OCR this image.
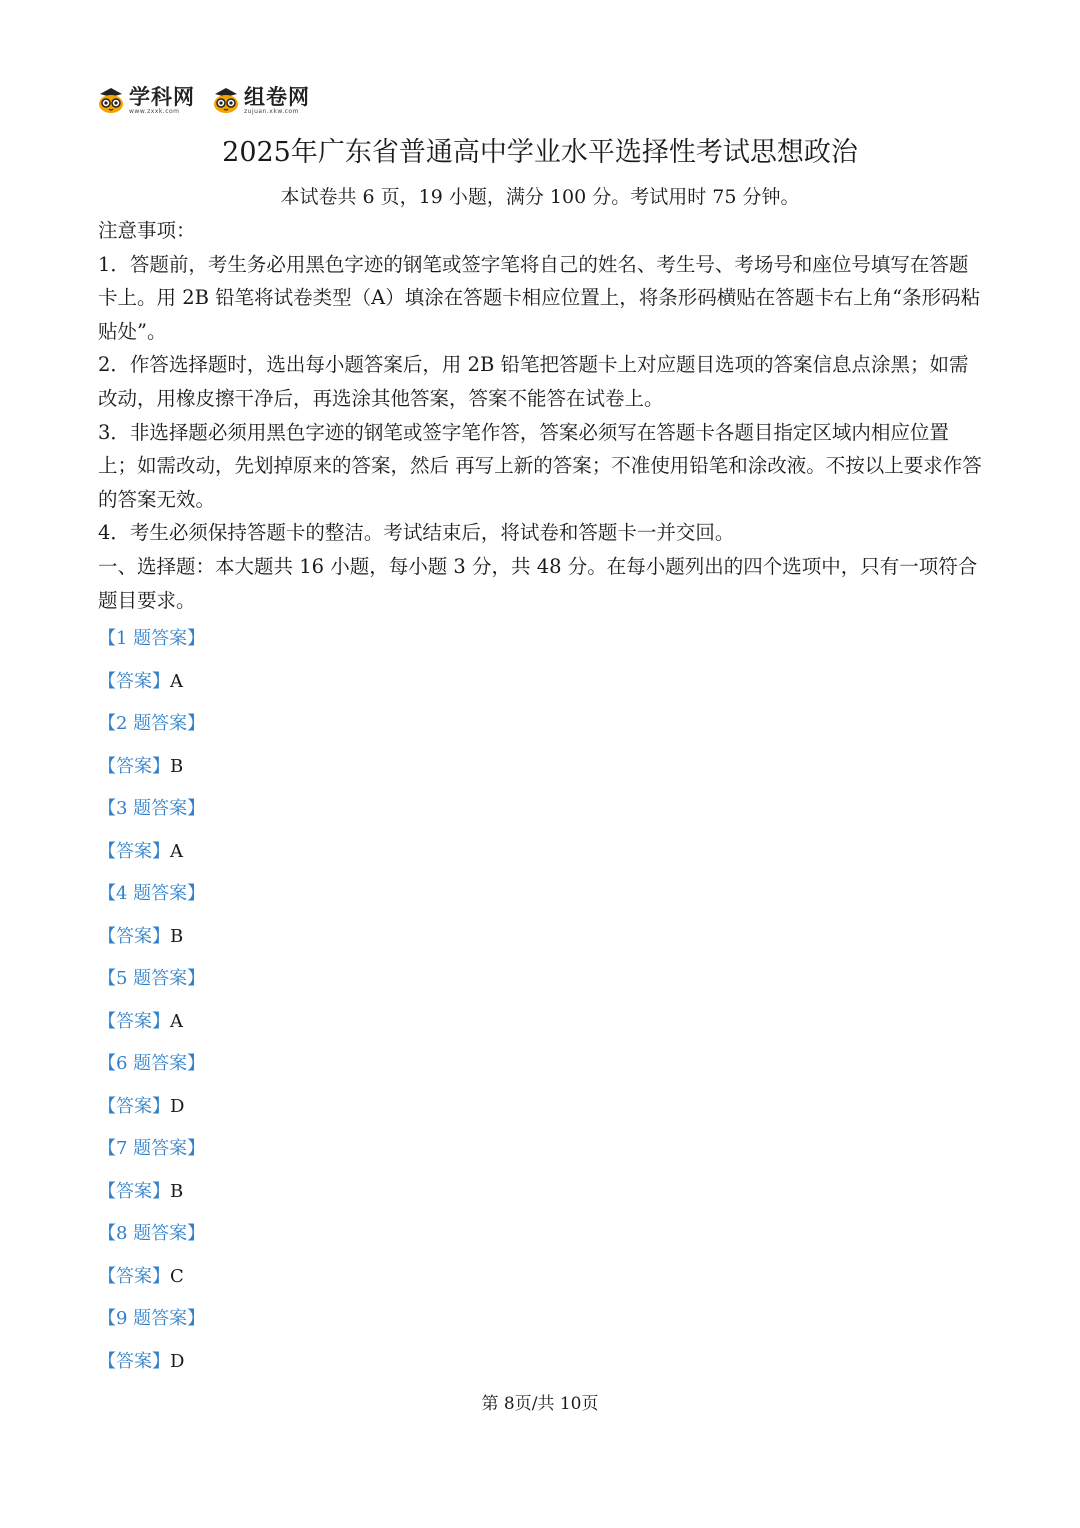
学科网
www.zxxk.com
组卷网
zujuan.xkw.com
2025年广东省普通高中学业水平选择性考试思想政治
本试卷共 6 页，19 小题，满分 100 分。考试用时 75 分钟。

注意事项：

1．答题前，考生务必用黑色字迹的钢笔或签字笔将自己的姓名、考生号、考场号和座位号填写在答题卡上。用 2B 铅笔将试卷类型（A）填涂在答题卡相应位置上，将条形码横贴在答题卡右上角“条形码粘贴处”。

2．作答选择题时，选出每小题答案后，用 2B 铅笔把答题卡上对应题目选项的答案信息点涂黑；如需改动，用橡皮擦干净后，再选涂其他答案，答案不能答在试卷上。

3．非选择题必须用黑色字迹的钢笔或签字笔作答，答案必须写在答题卡各题目指定区域内相应位置上；如需改动，先划掉原来的答案，然后 再写上新的答案；不准使用铅笔和涂改液。不按以上要求作答的答案无效。

4．考生必须保持答题卡的整洁。考试结束后，将试卷和答题卡一并交回。

一、选择题：本大题共 16 小题，每小题 3 分，共 48 分。在每小题列出的四个选项中，只有一项符合题目要求。

【1 题答案】
【答案】A
【2 题答案】
【答案】B
【3 题答案】
【答案】A
【4 题答案】
【答案】B
【5 题答案】
【答案】A
【6 题答案】
【答案】D
【7 题答案】
【答案】B
【8 题答案】
【答案】C
【9 题答案】
【答案】D
第 8页/共 10页
